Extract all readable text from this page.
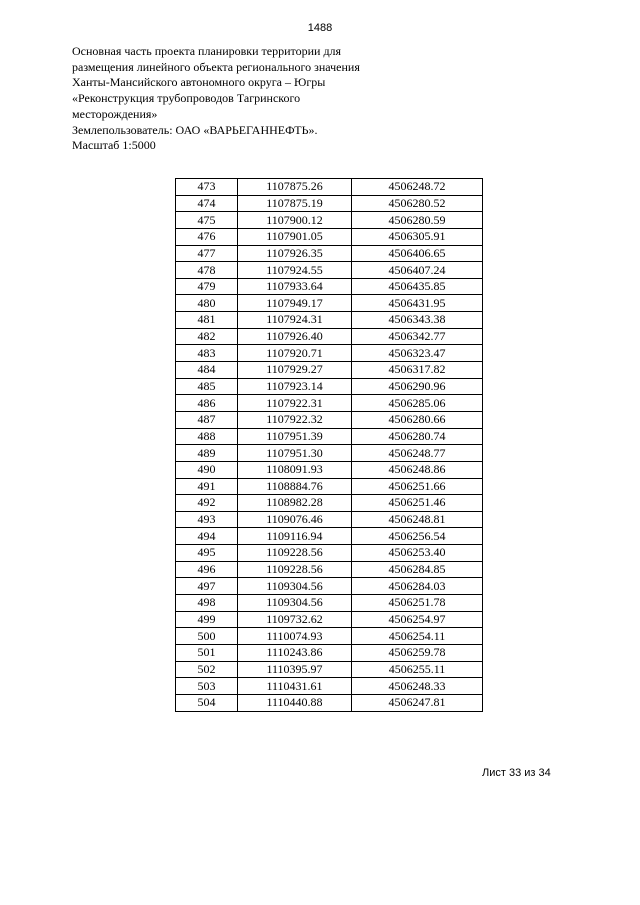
1488
Основная часть проекта планировки территории для
размещения линейного объекта регионального значения
Ханты-Мансийского автономного округа – Югры
«Реконструкция трубопроводов Тагринского
месторождения»
Землепользователь: ОАО «ВАРЬЕГАННЕФТЬ».
Масштаб 1:5000
473	1107875.26	4506248.72
474	1107875.19	4506280.52
475	1107900.12	4506280.59
476	1107901.05	4506305.91
477	1107926.35	4506406.65
478	1107924.55	4506407.24
479	1107933.64	4506435.85
480	1107949.17	4506431.95
481	1107924.31	4506343.38
482	1107926.40	4506342.77
483	1107920.71	4506323.47
484	1107929.27	4506317.82
485	1107923.14	4506290.96
486	1107922.31	4506285.06
487	1107922.32	4506280.66
488	1107951.39	4506280.74
489	1107951.30	4506248.77
490	1108091.93	4506248.86
491	1108884.76	4506251.66
492	1108982.28	4506251.46
493	1109076.46	4506248.81
494	1109116.94	4506256.54
495	1109228.56	4506253.40
496	1109228.56	4506284.85
497	1109304.56	4506284.03
498	1109304.56	4506251.78
499	1109732.62	4506254.97
500	1110074.93	4506254.11
501	1110243.86	4506259.78
502	1110395.97	4506255.11
503	1110431.61	4506248.33
504	1110440.88	4506247.81
Лист 33 из 34
